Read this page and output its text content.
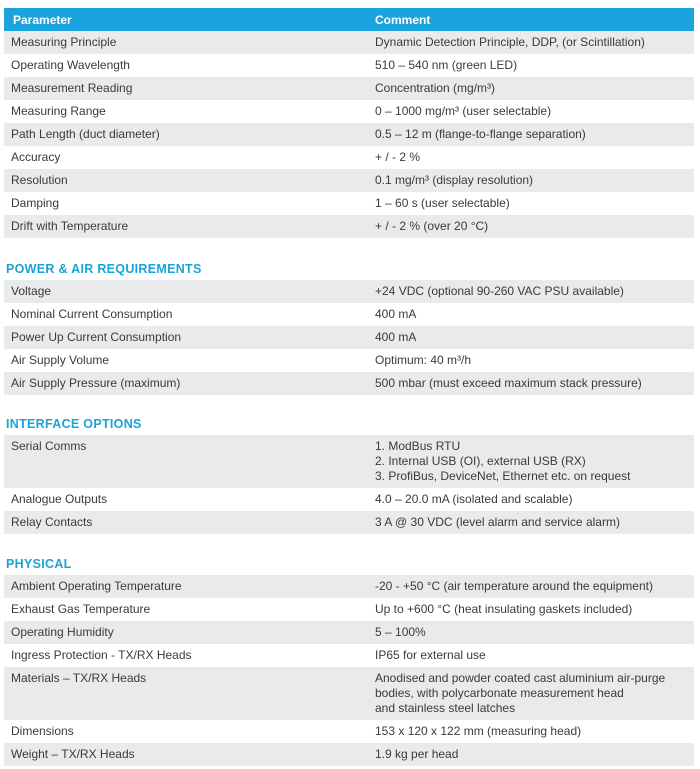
Parameter	Comment
Measuring Principle	Dynamic Detection Principle, DDP, (or Scintillation)
Operating Wavelength	510 – 540 nm (green LED)
Measurement Reading	Concentration (mg/m³)
Measuring Range	0 – 1000 mg/m³ (user selectable)
Path Length (duct diameter)	0.5 – 12 m (flange-to-flange separation)
Accuracy	+ / - 2 %
Resolution	0.1 mg/m³ (display resolution)
Damping	1 – 60 s (user selectable)
Drift with Temperature	+ / - 2 % (over 20 °C)
POWER & AIR REQUIREMENTS
Voltage	+24 VDC (optional 90-260 VAC PSU available)
Nominal Current Consumption	400 mA
Power Up Current Consumption	400 mA
Air Supply Volume	Optimum: 40 m³/h
Air Supply Pressure (maximum)	500 mbar (must exceed maximum stack pressure)
INTERFACE OPTIONS
Serial Comms	1. ModBus RTU
2. Internal USB (OI), external USB (RX)
3. ProfiBus, DeviceNet, Ethernet etc. on request
Analogue Outputs	4.0 – 20.0 mA (isolated and scalable)
Relay Contacts	3 A @ 30 VDC (level alarm and service alarm)
PHYSICAL
Ambient Operating Temperature	-20 - +50 °C (air temperature around the equipment)
Exhaust Gas Temperature	Up to +600 °C (heat insulating gaskets included)
Operating Humidity	5 – 100%
Ingress Protection - TX/RX Heads	IP65 for external use
Materials – TX/RX Heads	Anodised and powder coated cast aluminium air-purge
bodies, with polycarbonate measurement head
and stainless steel latches
Dimensions	153 x 120 x 122 mm (measuring head)
Weight – TX/RX Heads	1.9 kg per head
